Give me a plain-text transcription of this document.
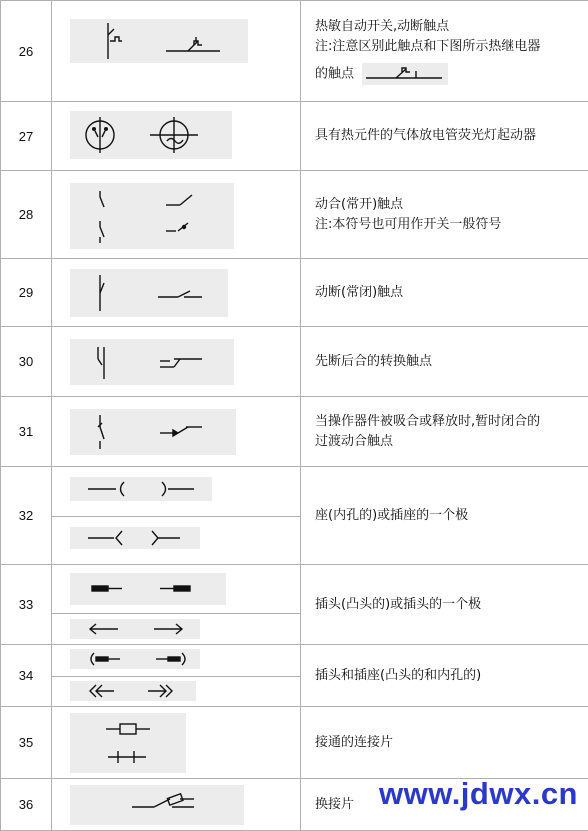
26		热敏自动开关,动断触点
注:注意区别此触点和下图所示热继电器
的触点

27		具有热元件的气体放电管荧光灯起动器

28		动合(常开)触点
注:本符号也可用作开关一般符号

29		动断(常闭)触点

30		先断后合的转换触点

31		当操作器件被吸合或释放时,暂时闭合的
过渡动合触点

32		座(内孔的)或插座的一个极

33		插头(凸头的)或插头的一个极

34		插头和插座(凸头的和内孔的)

35		接通的连接片

36		换接片 www.jdwx.cn
